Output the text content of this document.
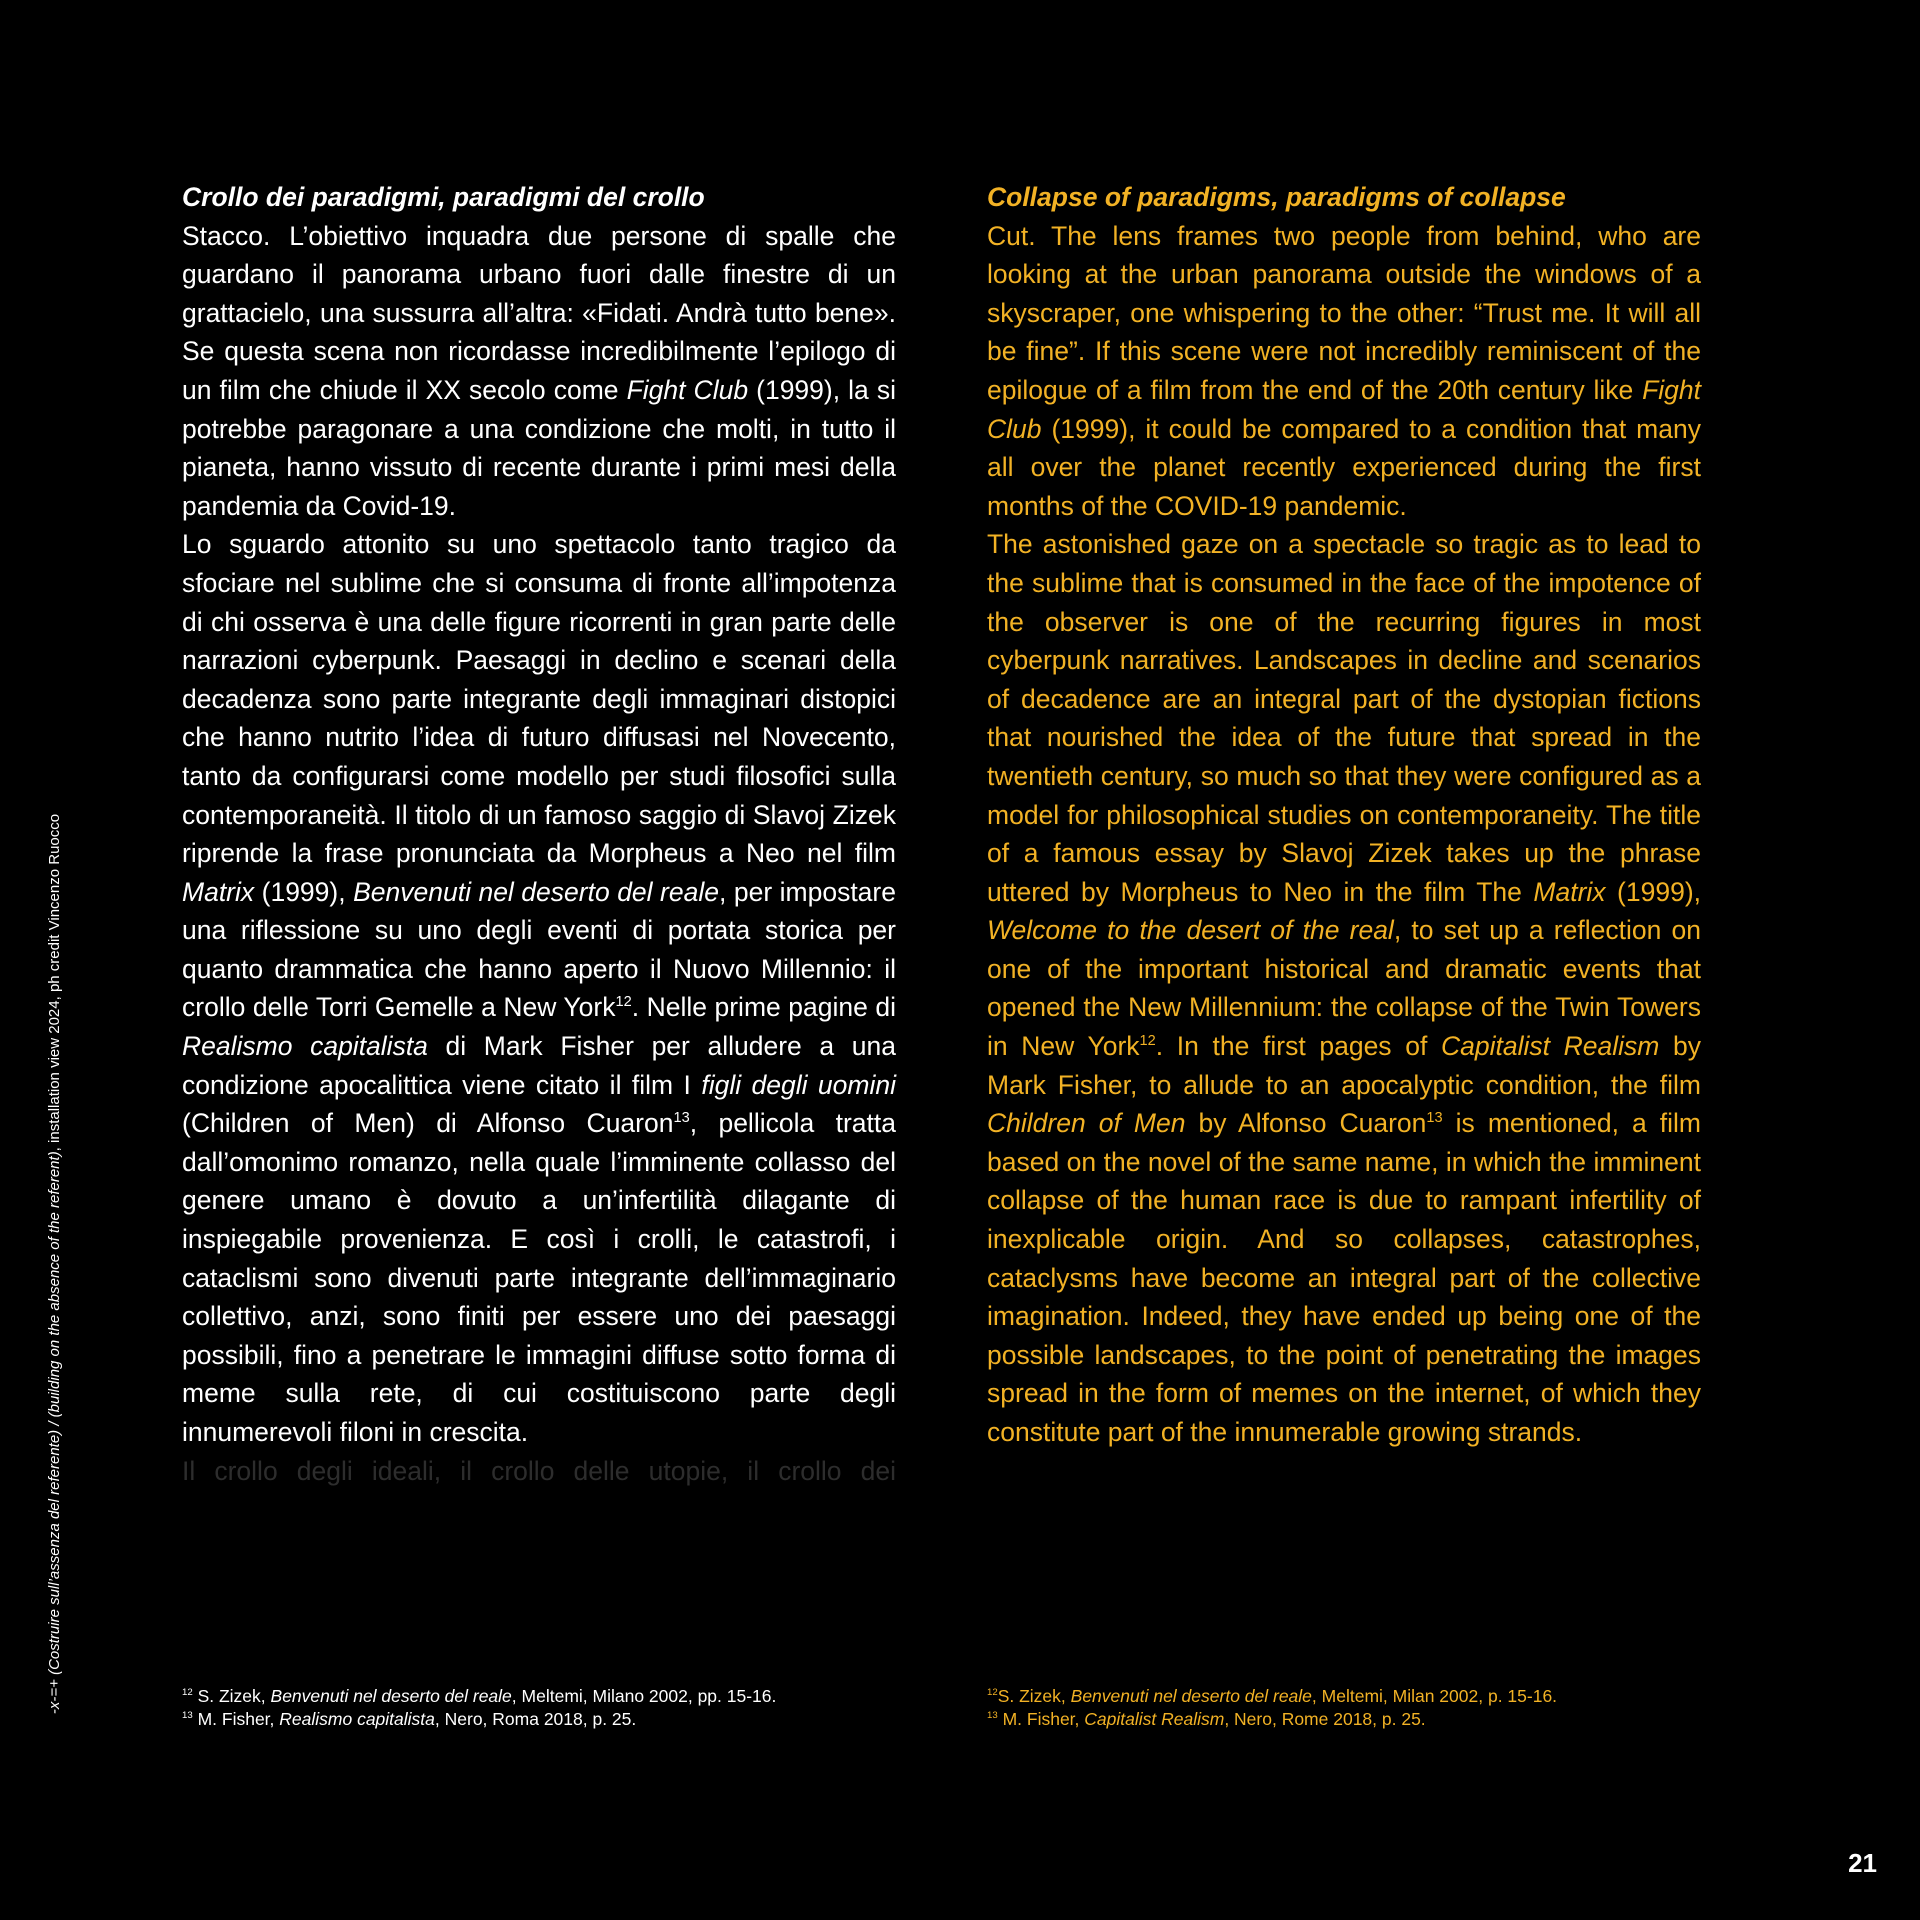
-x-=+ (Costruire sull’assenza del referente) / (building on the absence of the referent), installation view 2024, ph credit Vincenzo Ruocco
Crollo dei paradigmi, paradigmi del crollo

Stacco. L’obiettivo inquadra due persone di spalle che guardano il panorama urbano fuori dalle finestre di un grattacielo, una sussurra all’altra: «Fidati. Andrà tutto bene». Se questa scena non ricordasse incredibilmente l’epilogo di un film che chiude il XX secolo come Fight Club (1999), la si potrebbe paragonare a una condizione che molti, in tutto il pianeta, hanno vissuto di recente durante i primi mesi della pandemia da Covid-19.

Lo sguardo attonito su uno spettacolo tanto tragico da sfociare nel sublime che si consuma di fronte all’impotenza di chi osserva è una delle figure ricorrenti in gran parte delle narrazioni cyberpunk. Paesaggi in declino e scenari della decadenza sono parte integrante degli immaginari distopici che hanno nutrito l’idea di futuro diffusasi nel Novecento, tanto da configurarsi come modello per studi filosofici sulla contemporaneità. Il titolo di un famoso saggio di Slavoj Zizek riprende la frase pronunciata da Morpheus a Neo nel film Matrix (1999), Benvenuti nel deserto del reale, per impostare una riflessione su uno degli eventi di portata storica per quanto drammatica che hanno aperto il Nuovo Millennio: il crollo delle Torri Gemelle a New York$^{12}$. Nelle prime pagine di Realismo capitalista di Mark Fisher per alludere a una condizione apocalittica viene citato il film I figli degli uomini (Children of Men) di Alfonso Cuaron$^{13}$, pellicola tratta dall’omonimo romanzo, nella quale l’imminente collasso del genere umano è dovuto a un’infertilità dilagante di inspiegabile provenienza. E così i crolli, le catastrofi, i cataclismi sono divenuti parte integrante dell’immaginario collettivo, anzi, sono finiti per essere uno dei paesaggi possibili, fino a penetrare le immagini diffuse sotto forma di meme sulla rete, di cui costituiscono parte degli innumerevoli filoni in crescita.

Il crollo degli ideali, il crollo delle utopie, il crollo dei

Collapse of paradigms, paradigms of collapse

Cut. The lens frames two people from behind, who are looking at the urban panorama outside the windows of a skyscraper, one whispering to the other: “Trust me. It will all be fine”. If this scene were not incredibly reminiscent of the epilogue of a film from the end of the 20th century like Fight Club (1999), it could be compared to a condition that many all over the planet recently experienced during the first months of the COVID-19 pandemic.

The astonished gaze on a spectacle so tragic as to lead to the sublime that is consumed in the face of the impotence of the observer is one of the recurring figures in most cyberpunk narratives. Landscapes in decline and scenarios of decadence are an integral part of the dystopian fictions that nourished the idea of the future that spread in the twentieth century, so much so that they were configured as a model for philosophical studies on contemporaneity. The title of a famous essay by Slavoj Zizek takes up the phrase uttered by Morpheus to Neo in the film The Matrix (1999), Welcome to the desert of the real, to set up a reflection on one of the important historical and dramatic events that opened the New Millennium: the collapse of the Twin Towers in New York$^{12}$. In the first pages of Capitalist Realism by Mark Fisher, to allude to an apocalyptic condition, the film Children of Men by Alfonso Cuaron$^{13}$ is mentioned, a film based on the novel of the same name, in which the imminent collapse of the human race is due to rampant infertility of inexplicable origin. And so collapses, catastrophes, cataclysms have become an integral part of the collective imagination. Indeed, they have ended up being one of the possible landscapes, to the point of penetrating the images spread in the form of memes on the internet, of which they constitute part of the innumerable growing strands.

$^{12}$ S. Zizek, Benvenuti nel deserto del reale, Meltemi, Milano 2002, pp. 15-16.

$^{13}$ M. Fisher, Realismo capitalista, Nero, Roma 2018, p. 25.

$^{12}$S. Zizek, Benvenuti nel deserto del reale, Meltemi, Milan 2002, p. 15-16.

$^{13}$ M. Fisher, Capitalist Realism, Nero, Rome 2018, p. 25.

21
